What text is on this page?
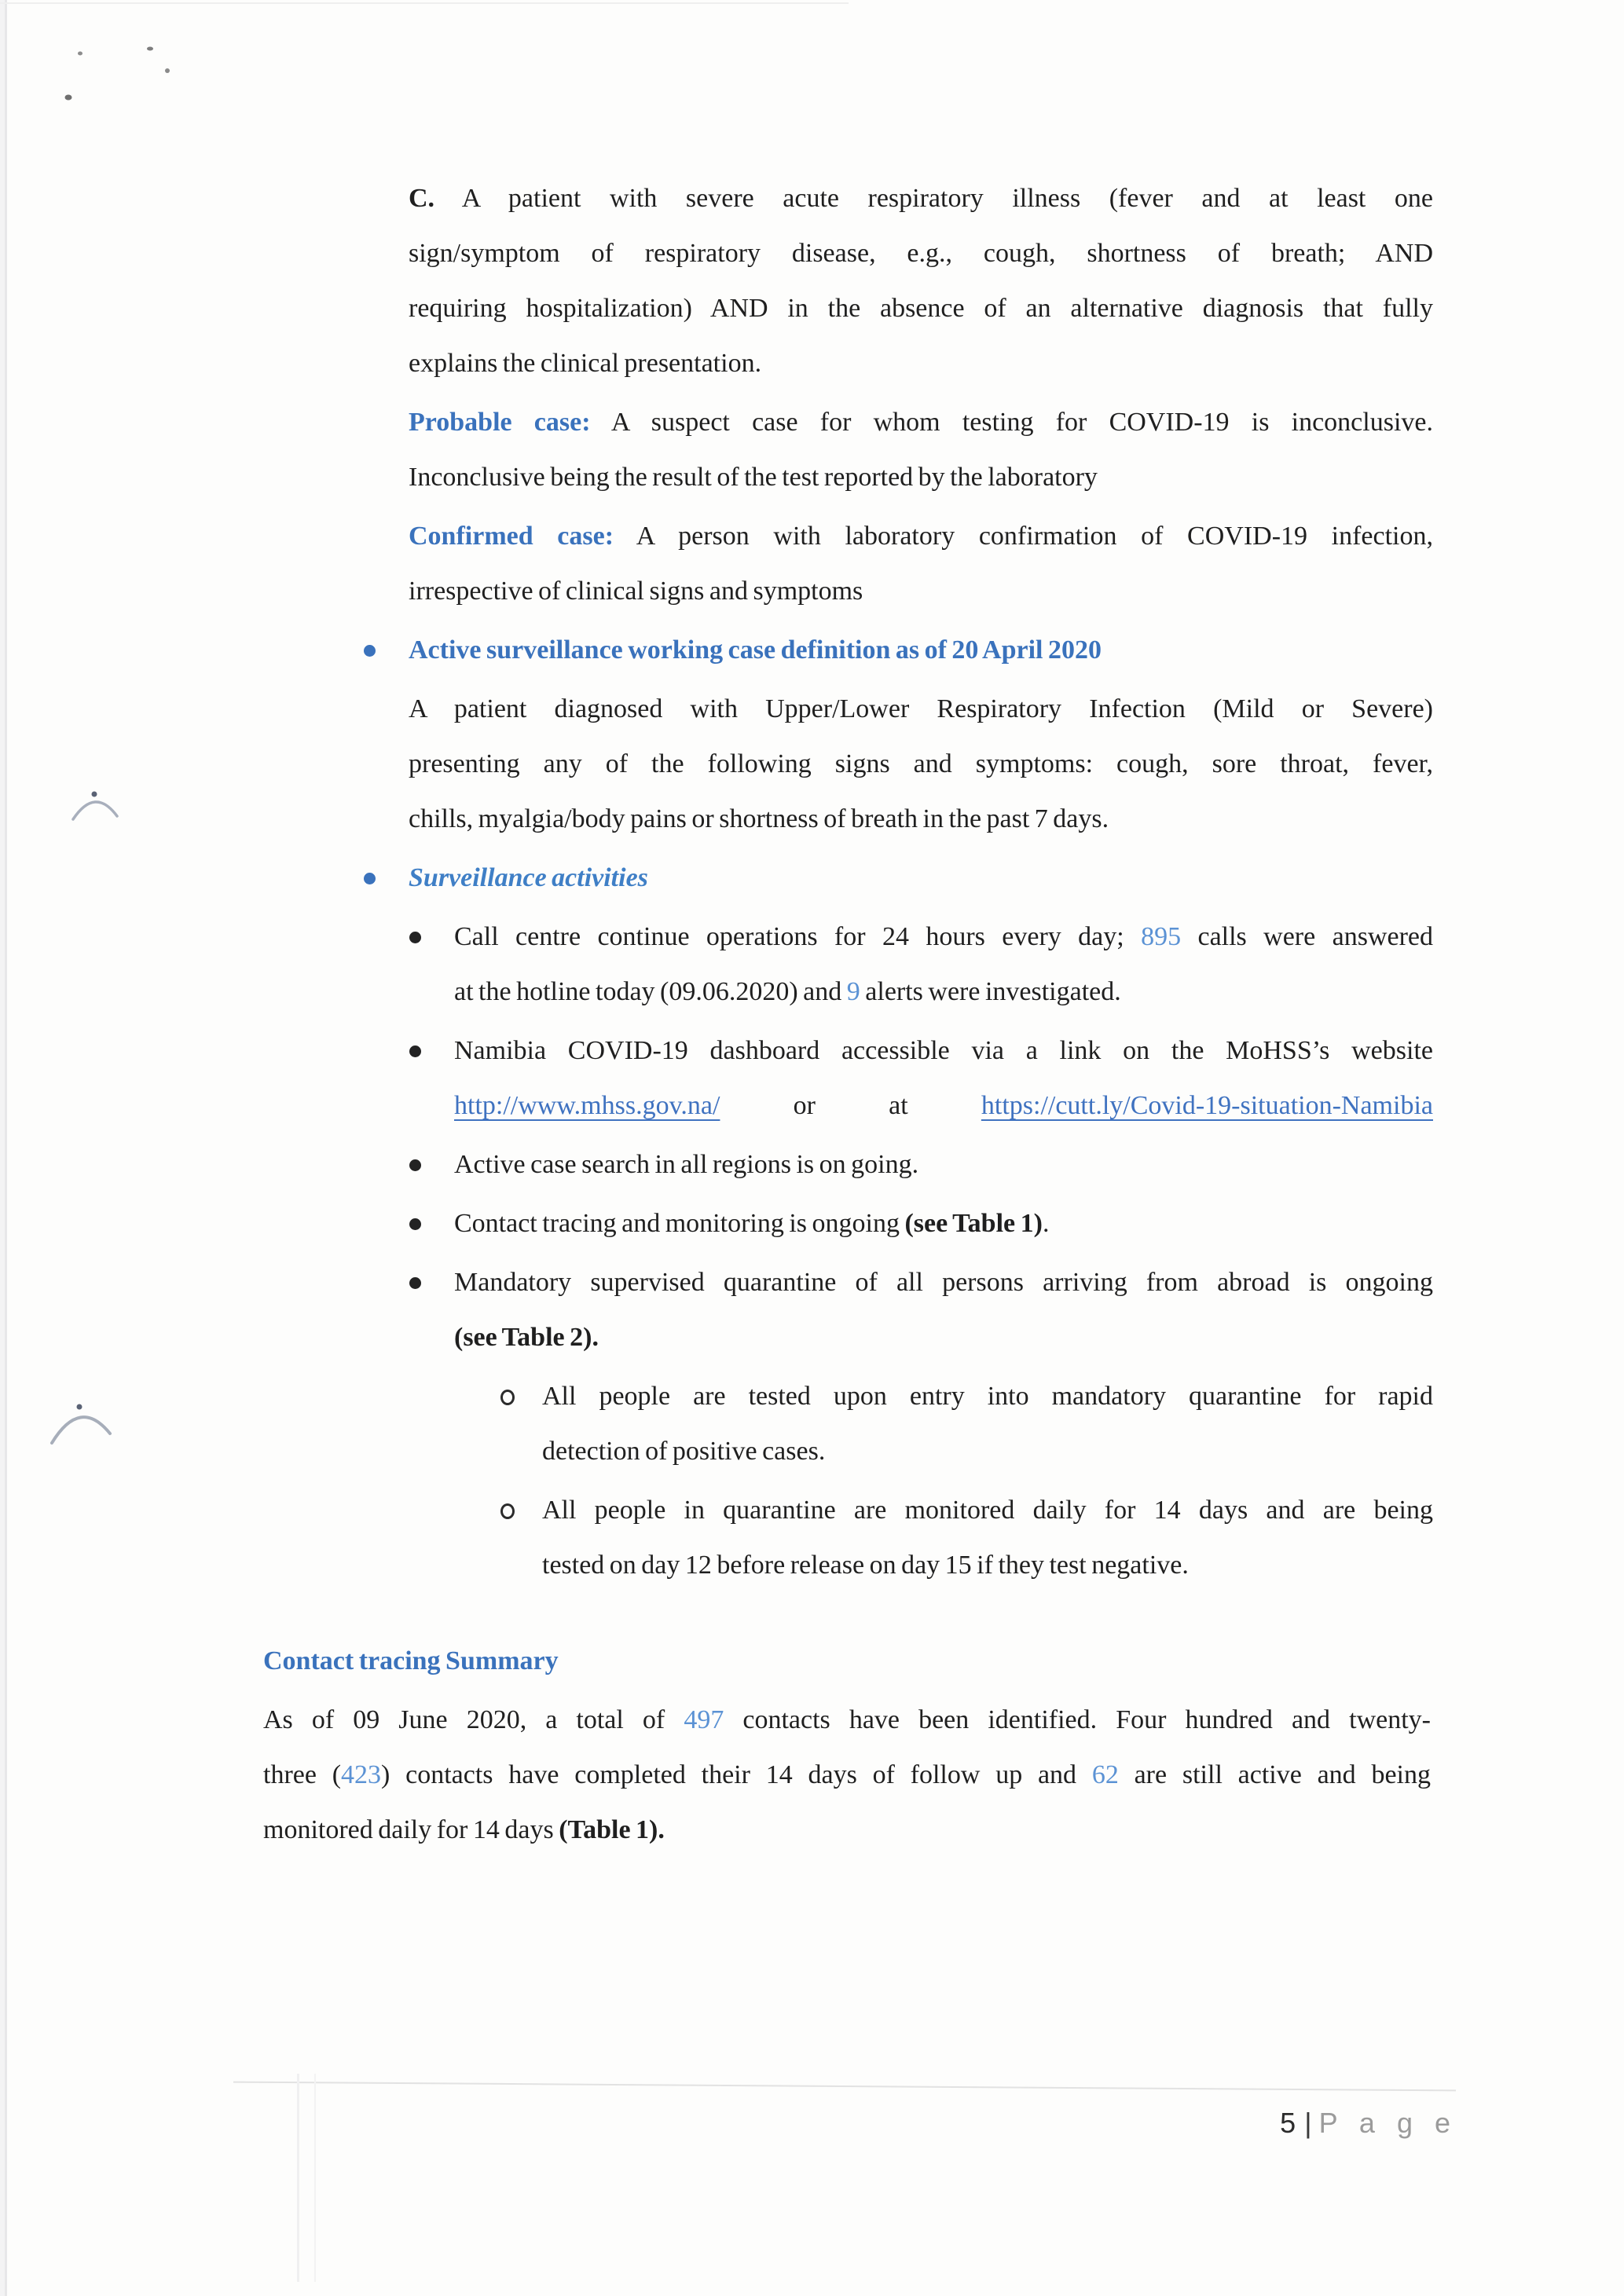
C. A patient with severe acute respiratory illness (fever and at least one
sign/symptom of respiratory disease, e.g., cough, shortness of breath; AND
requiring hospitalization) AND in the absence of an alternative diagnosis that fully
explains the clinical presentation.
Probable case: A suspect case for whom testing for COVID-19 is inconclusive.
Inconclusive being the result of the test reported by the laboratory
Confirmed case: A person with laboratory confirmation of COVID-19 infection,
irrespective of clinical signs and symptoms
Active surveillance working case definition as of 20 April 2020
A patient diagnosed with Upper/Lower Respiratory Infection (Mild or Severe)
presenting any of the following signs and symptoms: cough, sore throat, fever,
chills, myalgia/body pains or shortness of breath in the past 7 days.
Surveillance activities
Call centre continue operations for 24 hours every day; 895 calls were answered
at the hotline today (09.06.2020) and 9 alerts were investigated.
Namibia COVID-19 dashboard accessible via a link on the MoHSS’s website
http://www.mhss.gov.na/ or at https://cutt.ly/Covid-19-situation-Namibia
Active case search in all regions is on going.
Contact tracing and monitoring is ongoing (see Table 1).
Mandatory supervised quarantine of all persons arriving from abroad is ongoing
(see Table 2).
All people are tested upon entry into mandatory quarantine for rapid
detection of positive cases.
All people in quarantine are monitored daily for 14 days and are being
tested on day 12 before release on day 15 if they test negative.
Contact tracing Summary
As of 09 June 2020, a total of 497 contacts have been identified. Four hundred and twenty-
three (423) contacts have completed their 14 days of follow up and 62 are still active and being
monitored daily for 14 days (Table 1).
5 | P a g e
